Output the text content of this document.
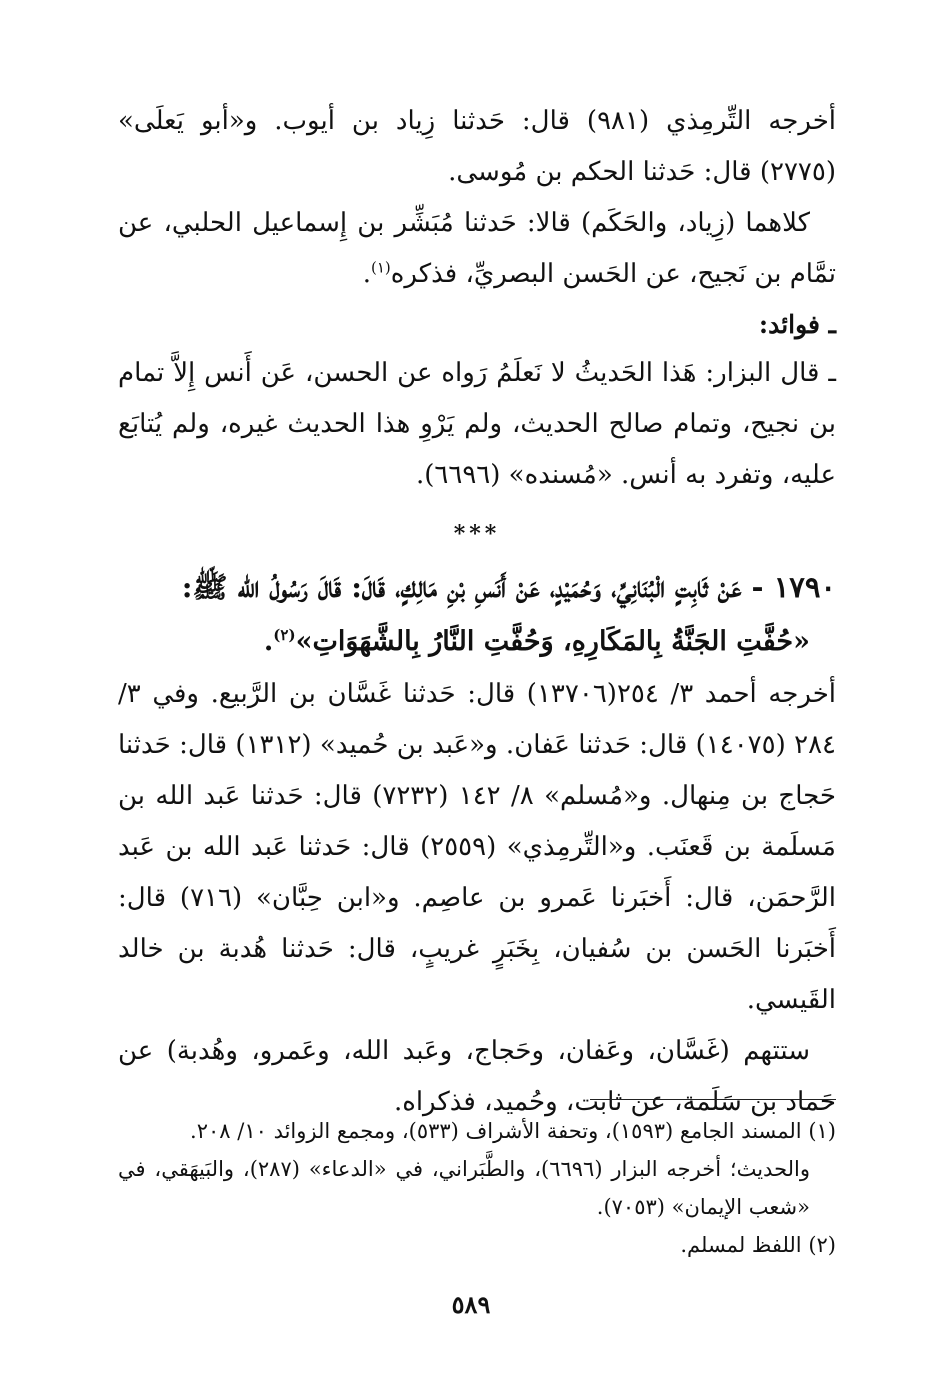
أخرجه التِّرمِذي (٩٨١) قال: حَدثنا زِياد بن أيوب. و«أبو يَعلَى» (٢٧٧٥) قال: حَدثنا الحكم بن مُوسى.

كلاهما (زِياد، والحَكَم) قالا: حَدثنا مُبَشِّر بن إِسماعيل الحلبي، عن تمَّام بن نَجيح، عن الحَسن البصريِّ، فذكره$^{(١)}$.

ـ فوائد:

ـ قال البزار: هَذا الحَديثُ لا نَعلَمُ رَواه عن الحسن، عَن أَنس إِلاَّ تمام بن نجيح، وتمام صالح الحديث، ولم يَرْوِ هذا الحديث غيره، ولم يُتابَع عليه، وتفرد به أنس. «مُسنده» (٦٦٩٦).

***

١٧٩٠ - عَنْ ثَابِتٍ الْبُنَانِيِّ، وَحُمَيْدٍ، عَنْ أَنَسِ بْنِ مَالِكٍ، قَالَ: قَالَ رَسُولُ الله ﷺ:

«حُفَّتِ الجَنَّةُ بِالمَكَارِهِ، وَحُفَّتِ النَّارُ بِالشَّهَوَاتِ»$^{(٢)}$.

أخرجه أحمد ٣/ ٢٥٤(١٣٧٠٦) قال: حَدثنا غَسَّان بن الرَّبيع. وفي ٣/ ٢٨٤ (١٤٠٧٥) قال: حَدثنا عَفان. و«عَبد بن حُميد» (١٣١٢) قال: حَدثنا حَجاج بن مِنهال. و«مُسلم» ٨/ ١٤٢ (٧٢٣٢) قال: حَدثنا عَبد الله بن مَسلَمة بن قَعنَب. و«التِّرمِذي» (٢٥٥٩) قال: حَدثنا عَبد الله بن عَبد الرَّحمَن، قال: أَخبَرنا عَمرو بن عاصِم. و«ابن حِبَّان» (٧١٦) قال: أَخبَرنا الحَسن بن سُفيان، بِخَبَرٍ غريبٍ، قال: حَدثنا هُدبة بن خالد القَيسي.

ستتهم (غَسَّان، وعَفان، وحَجاج، وعَبد الله، وعَمرو، وهُدبة) عن حَماد بن سَلَمة، عن ثابت، وحُميد، فذكراه.

(١) المسند الجامع (١٥٩٣)، وتحفة الأشراف (٥٣٣)، ومجمع الزوائد ١٠/ ٢٠٨.

والحديث؛ أخرجه البزار (٦٦٩٦)، والطَّبَراني، في «الدعاء» (٢٨٧)، والبَيهَقي، في «شعب الإيمان» (٧٠٥٣).

(٢) اللفظ لمسلم.

٥٨٩
